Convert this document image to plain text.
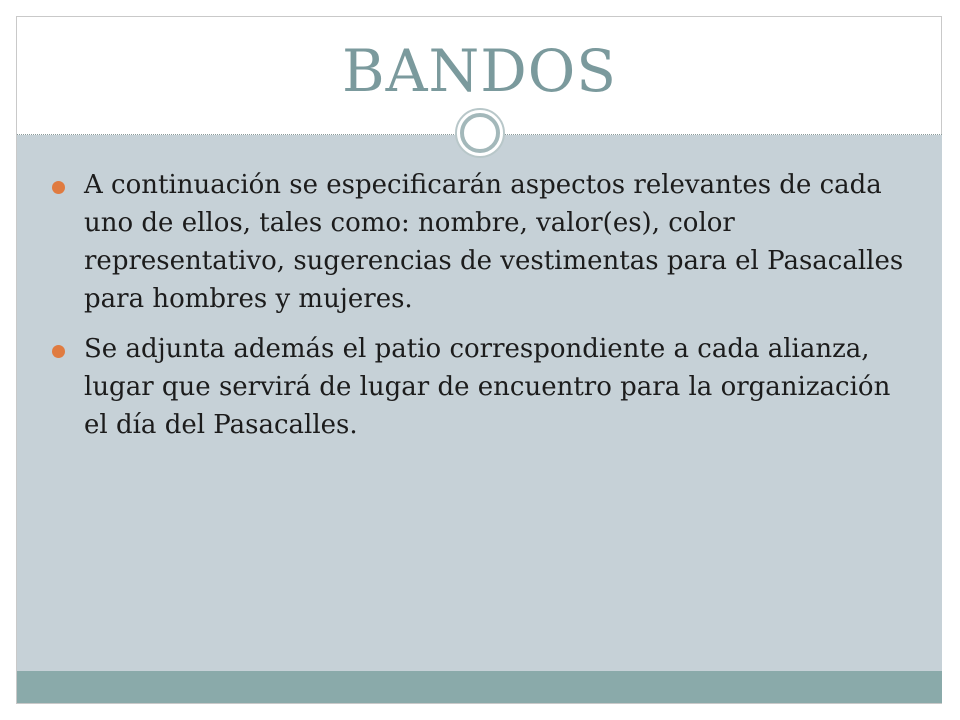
BANDOS
A continuación se especificarán aspectos relevantes de cada uno de ellos, tales como: nombre, valor(es), color representativo, sugerencias de vestimentas para el Pasacalles para hombres y mujeres.
Se adjunta además el patio correspondiente a cada alianza, lugar que servirá de lugar de encuentro para la organización el día del Pasacalles.
